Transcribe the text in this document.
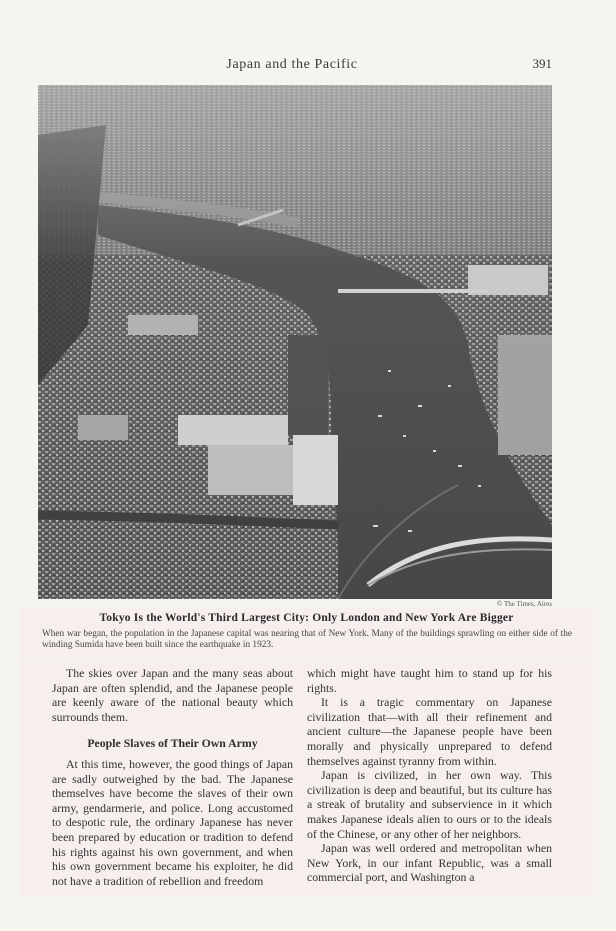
Japan and the Pacific	391
© The Times, Aires
Tokyo Is the World's Third Largest City: Only London and New York Are Bigger
When war began, the population in the Japanese capital was nearing that of New York. Many of the buildings sprawling on either side of the winding Sumida have been built since the earthquake in 1923.

The skies over Japan and the many seas about Japan are often splendid, and the Japanese people are keenly aware of the national beauty which surrounds them.

People Slaves of Their Own Army

At this time, however, the good things of Japan are sadly outweighed by the bad. The Japanese themselves have become the slaves of their own army, gendarmerie, and police. Long accustomed to despotic rule, the ordinary Japanese has never been prepared by education or tradition to defend his rights against his own government, and when his own government became his exploiter, he did not have a tradition of rebellion and freedom

which might have taught him to stand up for his rights.

It is a tragic commentary on Japanese civilization that—with all their refinement and ancient culture—the Japanese people have been morally and physically unprepared to defend themselves against tyranny from within.

Japan is civilized, in her own way. This civilization is deep and beautiful, but its culture has a streak of brutality and subservience in it which makes Japanese ideals alien to ours or to the ideals of the Chinese, or any other of her neighbors.

Japan was well ordered and metropolitan when New York, in our infant Republic, was a small commercial port, and Washington a
